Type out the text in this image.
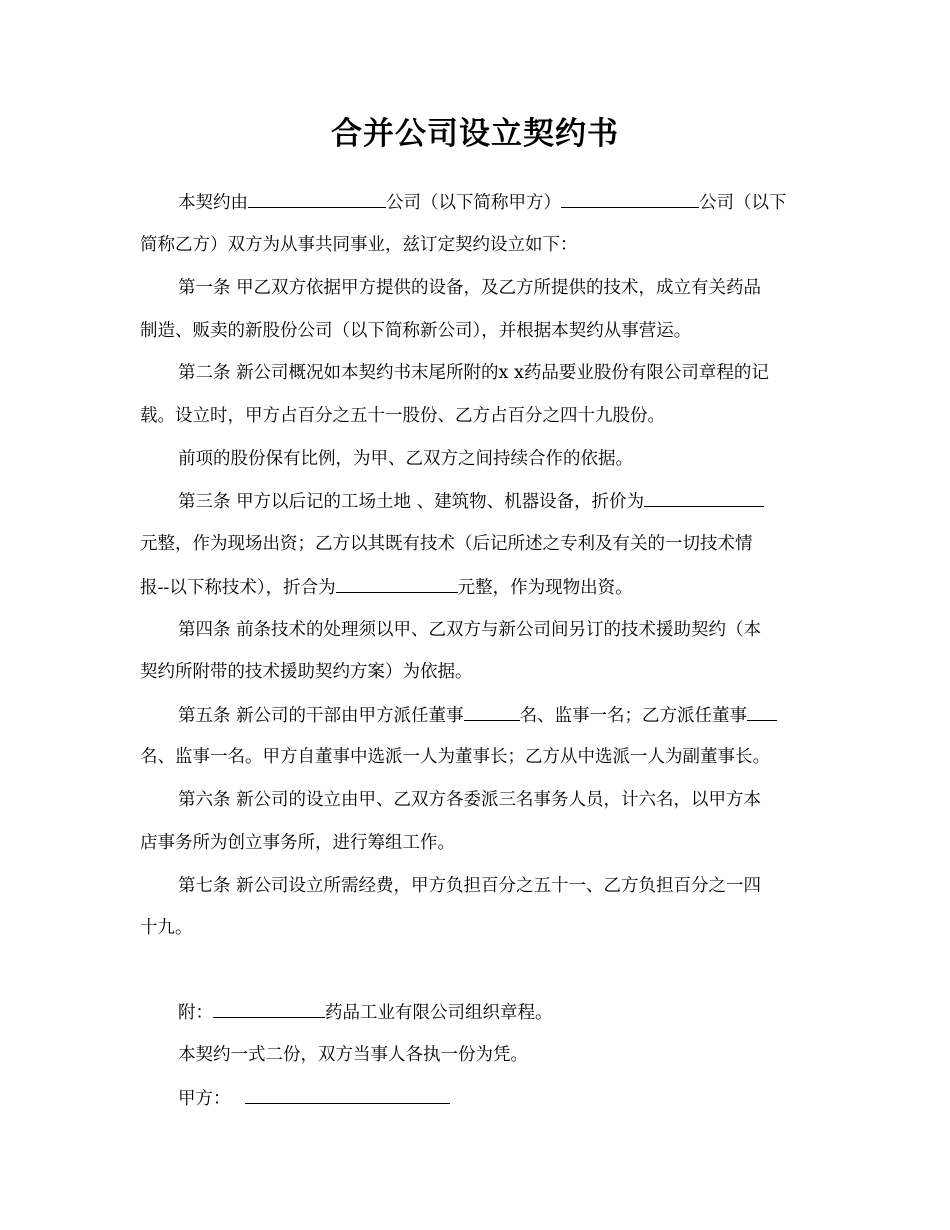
合并公司设立契约书
本契约由	公司（以下简称甲方）	公司（以下
简称乙方）双方为从事共同事业，兹订定契约设立如下：
第一条 甲乙双方依据甲方提供的设备，及乙方所提供的技术，成立有关药品
制造、贩卖的新股份公司（以下简称新公司），并根据本契约从事营运。
第二条 新公司概况如本契约书末尾所附的x x药品要业股份有限公司章程的记
载。设立时，甲方占百分之五十一股份、乙方占百分之四十九股份。
前项的股份保有比例，为甲、乙双方之间持续合作的依据。
第三条 甲方以后记的工场土地 、建筑物、机器设备，折价为
元整，作为现场出资；乙方以其既有技术（后记所述之专利及有关的一切技术情
报--以下称技术），折合为	元整，作为现物出资。
第四条 前条技术的处理须以甲、乙双方与新公司间另订的技术援助契约（本
契约所附带的技术援助契约方案）为依据。
第五条 新公司的干部由甲方派任董事	名、监事一名；乙方派任董事
名、监事一名。甲方自董事中选派一人为董事长；乙方从中选派一人为副董事长。
第六条 新公司的设立由甲、乙双方各委派三名事务人员，计六名，以甲方本
店事务所为创立事务所，进行筹组工作。
第七条 新公司设立所需经费，甲方负担百分之五十一、乙方负担百分之一四
十九。
附：	药品工业有限公司组织章程。
本契约一式二份，双方当事人各执一份为凭。
甲方：
